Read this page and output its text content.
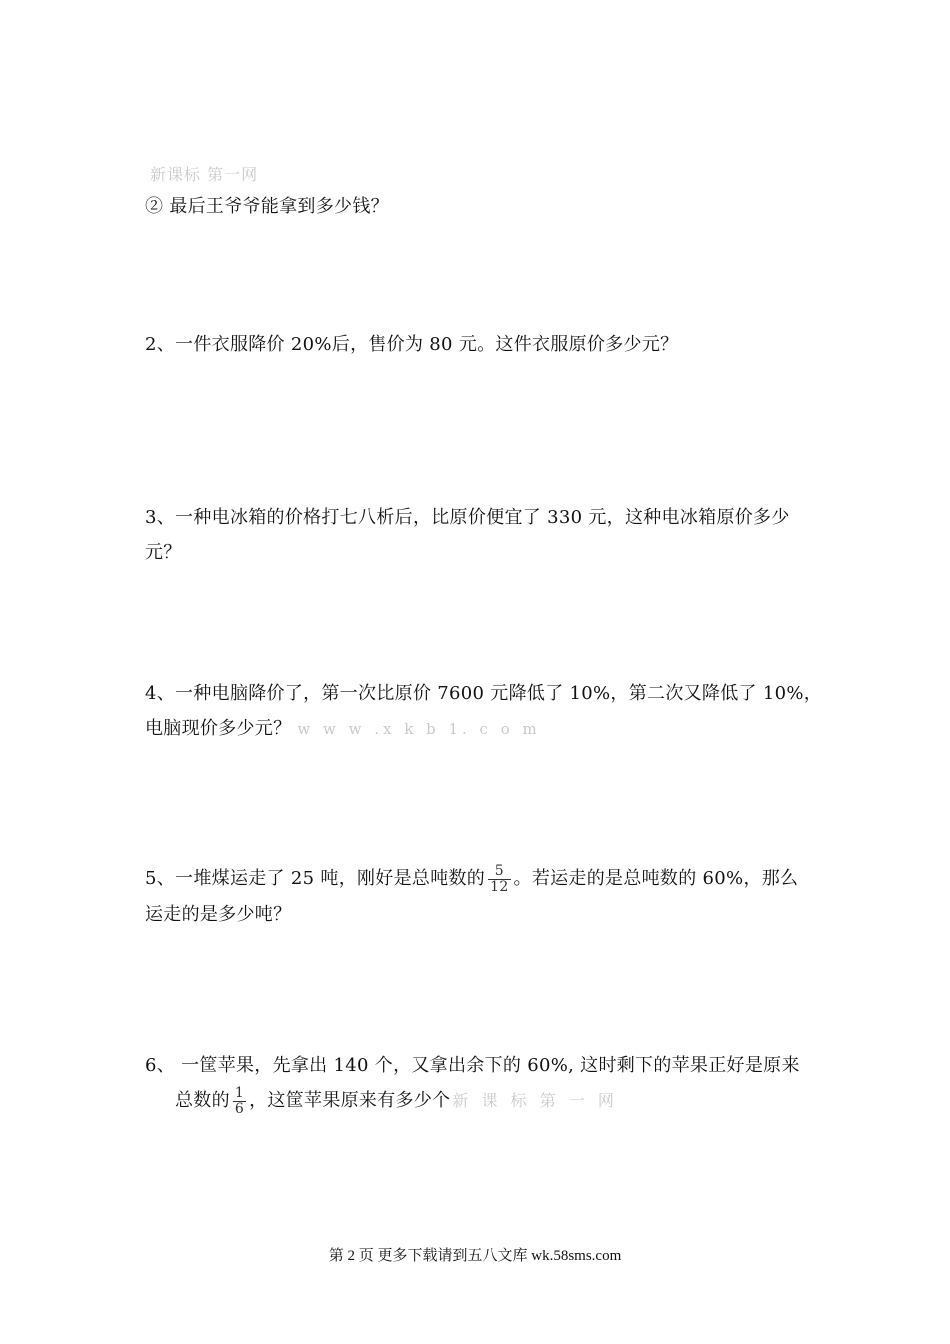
新课标 第一网
② 最后王爷爷能拿到多少钱？
2、一件衣服降价 20%后，售价为 80 元。这件衣服原价多少元？
3、一种电冰箱的价格打七八析后，比原价便宜了 330 元，这种电冰箱原价多少
元？
4、一种电脑降价了，第一次比原价 7600 元降低了 10%，第二次又降低了 10%，
电脑现价多少元？ w w w .x k b 1. c o m
5、一堆煤运走了 25 吨，刚好是总吨数的 $\frac{5}{12}$ 。若运走的是总吨数的 60%，那么
运走的是多少吨？
6、 一筐苹果，先拿出 140 个，又拿出余下的 60%, 这时剩下的苹果正好是原来
总数的 $\frac{1}{6}$ ，这筐苹果原来有多少个 新 课 标 第 一 网
第 2 页 更多下载请到五八文库 wk.58sms.com
